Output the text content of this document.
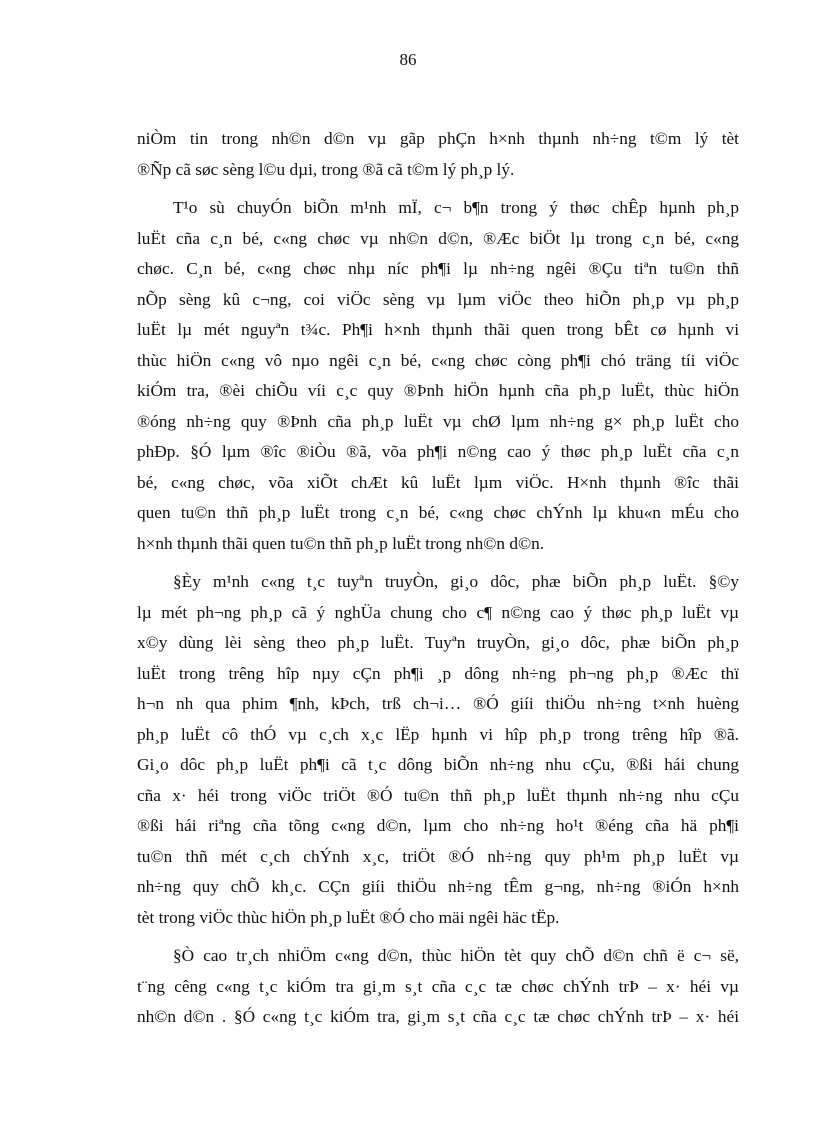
86

niÒm tin trong nh©n d©n vµ gãp phÇn h×nh thµnh nh÷ng t©m lý tèt
®Ñp cã søc sèng l©u dµi, trong ®ã cã t©m lý ph¸p lý.

T¹o sù chuyÓn biÕn m¹nh mÏ, c¬ b¶n trong ý thøc chÊp hµnh ph¸p
luËt cña c¸n bé, c«ng chøc vµ nh©n d©n, ®Æc biÖt lµ trong c¸n bé, c«ng
chøc. C¸n bé, c«ng chøc nhµ níc ph¶i lµ nh÷ng ngêi ®Çu tiªn tu©n thñ
nÕp sèng kû c¬ng, coi viÖc sèng vµ lµm viÖc theo hiÕn ph¸p vµ ph¸p
luËt lµ mét nguyªn t¾c. Ph¶i h×nh thµnh thãi quen trong bÊt cø hµnh vi
thùc hiÖn c«ng vô nµo ngêi c¸n bé, c«ng chøc còng ph¶i chó träng tíi viÖc
kiÓm tra, ®èi chiÕu víi c¸c quy ®Þnh hiÖn hµnh cña ph¸p luËt, thùc hiÖn
®óng nh÷ng quy ®Þnh cña ph¸p luËt vµ chØ lµm nh÷ng g× ph¸p luËt cho
phÐp. §Ó lµm ®îc ®iÒu ®ã, võa ph¶i n©ng cao ý thøc ph¸p luËt cña c¸n
bé, c«ng chøc, võa xiÕt chÆt kû luËt lµm viÖc. H×nh thµnh ®îc thãi
quen tu©n thñ ph¸p luËt trong c¸n bé, c«ng chøc chÝnh lµ khu«n mÉu cho
h×nh thµnh thãi quen tu©n thñ ph¸p luËt trong nh©n d©n.

§Èy m¹nh c«ng t¸c tuyªn truyÒn, gi¸o dôc, phæ biÕn ph¸p luËt. §©y
lµ mét ph¬ng ph¸p cã ý nghÜa chung cho c¶ n©ng cao ý thøc ph¸p luËt vµ
x©y dùng lèi sèng theo ph¸p luËt. Tuyªn truyÒn, gi¸o dôc, phæ biÕn ph¸p
luËt trong trêng hîp nµy cÇn ph¶i ¸p dông nh÷ng ph¬ng ph¸p ®Æc thï
h¬n nh qua phim ¶nh, kÞch, trß ch¬i… ®Ó giíi thiÖu nh÷ng t×nh huèng
ph¸p luËt cô thÓ vµ c¸ch x¸c lËp hµnh vi hîp ph¸p trong trêng hîp ®ã.
Gi¸o dôc ph¸p luËt ph¶i cã t¸c dông biÕn nh÷ng nhu cÇu, ®ßi hái chung
cña x· héi trong viÖc triÖt ®Ó tu©n thñ ph¸p luËt thµnh nh÷ng nhu cÇu
®ßi hái riªng cña tõng c«ng d©n, lµm cho nh÷ng ho¹t ®éng cña hä ph¶i
tu©n thñ mét c¸ch chÝnh x¸c, triÖt ®Ó nh÷ng quy ph¹m ph¸p luËt vµ
nh÷ng quy chÕ kh¸c. CÇn giíi thiÖu nh÷ng tÊm g¬ng, nh÷ng ®iÓn h×nh
tèt trong viÖc thùc hiÖn ph¸p luËt ®Ó cho mäi ngêi häc tËp.

§Ò cao tr¸ch nhiÖm c«ng d©n, thùc hiÖn tèt quy chÕ d©n chñ ë c¬ së,
t¨ng cêng c«ng t¸c kiÓm tra gi¸m s¸t cña c¸c tæ chøc chÝnh trÞ – x· héi vµ
nh©n d©n . §Ó c«ng t¸c kiÓm tra, gi¸m s¸t cña c¸c tæ chøc chÝnh trÞ – x· héi
